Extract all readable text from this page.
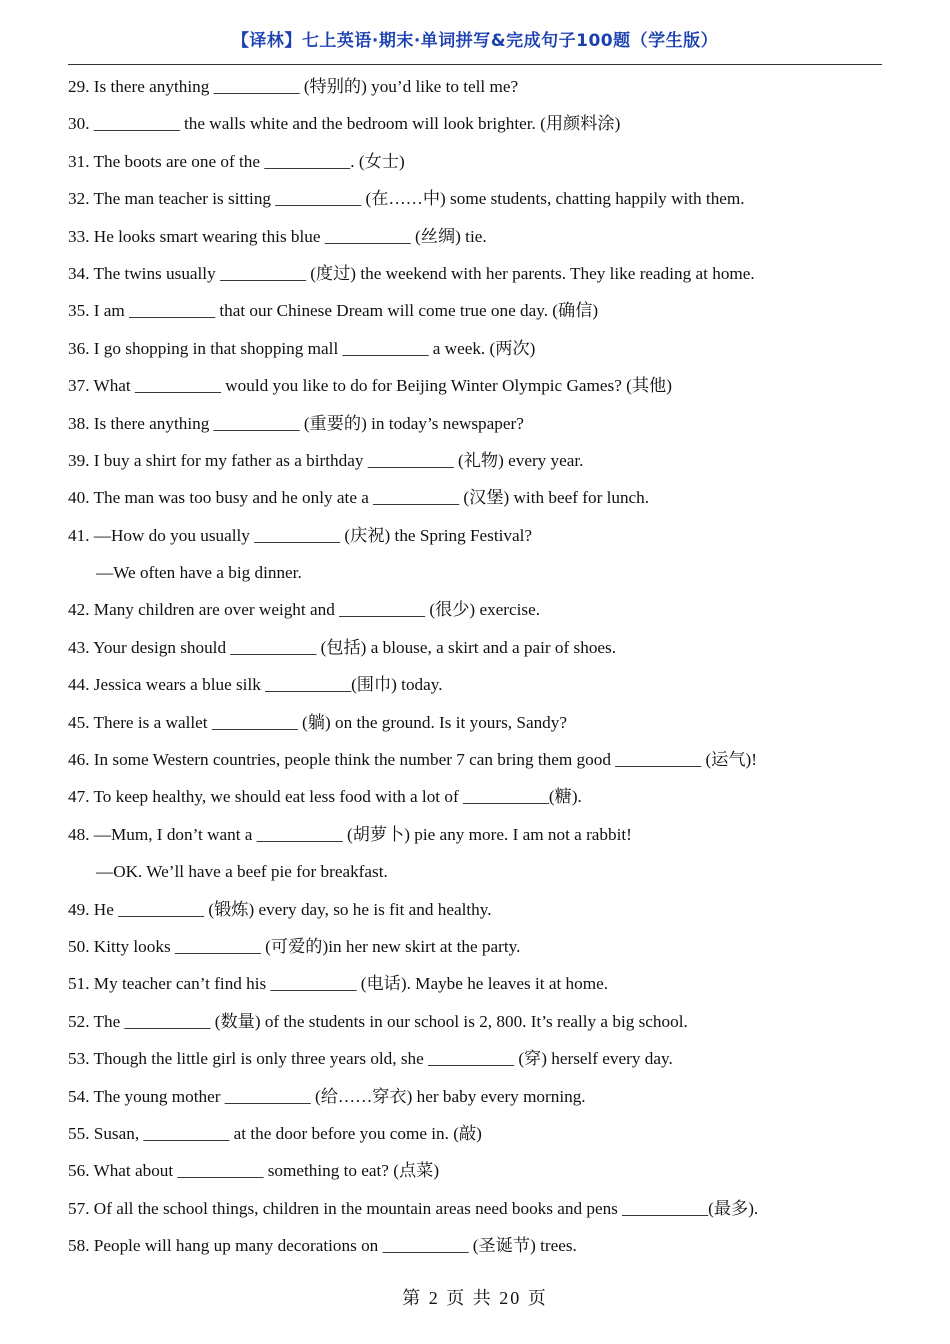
【译林】七上英语·期末·单词拼写&完成句子100题（学生版）
29. Is there anything __________ (特别的) you’d like to tell me?
30. __________ the walls white and the bedroom will look brighter. (用颜料涂)
31. The boots are one of the __________. (女士)
32. The man teacher is sitting __________ (在……中) some students, chatting happily with them.
33. He looks smart wearing this blue __________ (丝绸) tie.
34. The twins usually __________ (度过) the weekend with her parents. They like reading at home.
35. I am __________ that our Chinese Dream will come true one day. (确信)
36. I go shopping in that shopping mall __________ a week. (两次)
37. What __________ would you like to do for Beijing Winter Olympic Games? (其他)
38. Is there anything __________ (重要的) in today’s newspaper?
39. I buy a shirt for my father as a birthday __________ (礼物) every year.
40. The man was too busy and he only ate a __________ (汉堡) with beef for lunch.
41. —How do you usually __________ (庆祝) the Spring Festival?
—We often have a big dinner.
42. Many children are over weight and __________ (很少) exercise.
43. Your design should __________ (包括) a blouse, a skirt and a pair of shoes.
44. Jessica wears a blue silk __________(围巾) today.
45. There is a wallet __________ (躺) on the ground. Is it yours, Sandy?
46. In some Western countries, people think the number 7 can bring them good __________ (运气)!
47. To keep healthy, we should eat less food with a lot of __________(糖).
48. —Mum, I don’t want a __________ (胡萝卜) pie any more. I am not a rabbit!
—OK. We’ll have a beef pie for breakfast.
49. He __________ (锻炼) every day, so he is fit and healthy.
50. Kitty looks __________ (可爱的)in her new skirt at the party.
51. My teacher can’t find his __________ (电话). Maybe he leaves it at home.
52. The __________ (数量) of the students in our school is 2, 800. It’s really a big school.
53. Though the little girl is only three years old, she __________ (穿) herself every day.
54. The young mother __________ (给……穿衣) her baby every morning.
55. Susan, __________ at the door before you come in. (敲)
56. What about __________ something to eat? (点菜)
57. Of all the school things, children in the mountain areas need books and pens __________(最多).
58. People will hang up many decorations on __________ (圣诞节) trees.
第 2 页 共 20 页
